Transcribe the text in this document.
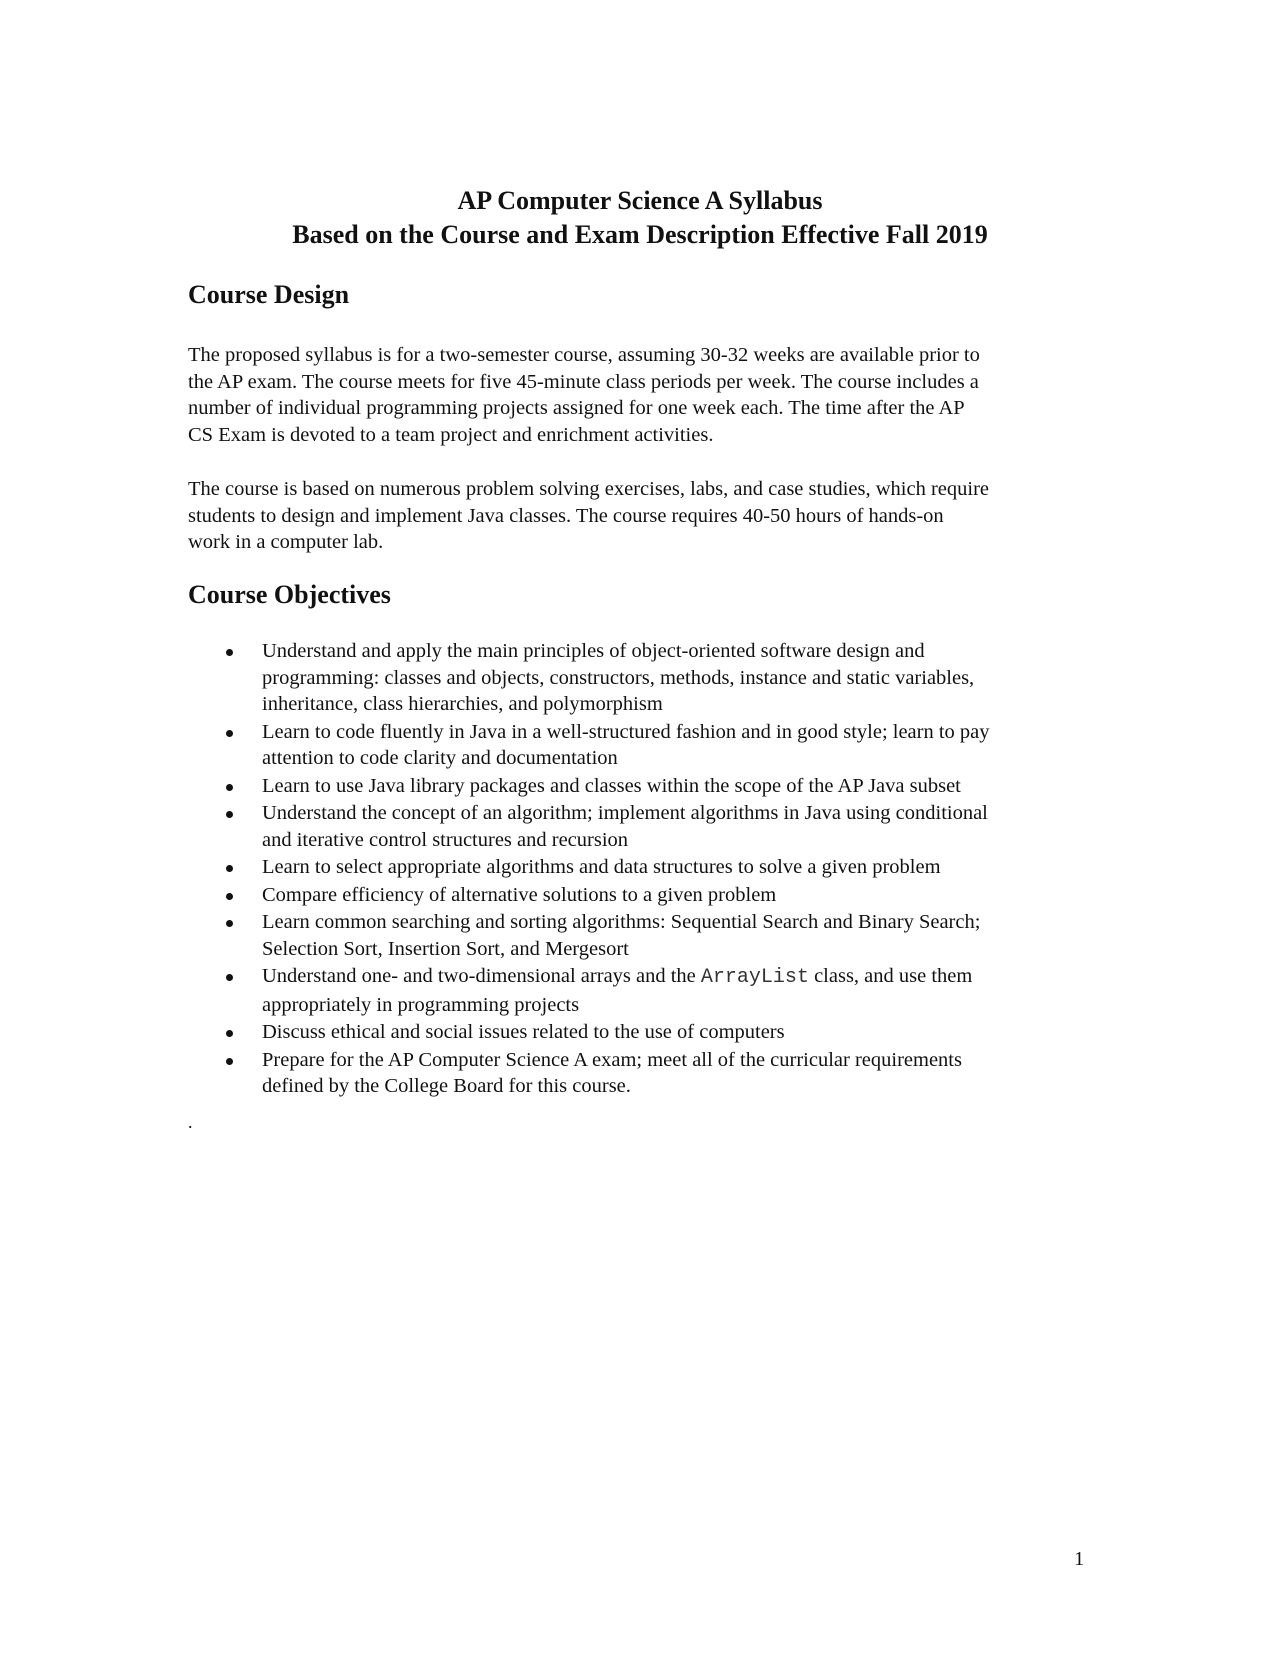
AP Computer Science A Syllabus
Based on the Course and Exam Description Effective Fall 2019
Course Design
The proposed syllabus is for a two-semester course, assuming 30-32 weeks are available prior to
the AP exam. The course meets for five 45-minute class periods per week. The course includes a
number of individual programming projects assigned for one week each. The time after the AP
CS Exam is devoted to a team project and enrichment activities.
The course is based on numerous problem solving exercises, labs, and case studies, which require
students to design and implement Java classes. The course requires 40-50 hours of hands-on
work in a computer lab.
Course Objectives
Understand and apply the main principles of object-oriented software design and
programming: classes and objects, constructors, methods, instance and static variables,
inheritance, class hierarchies, and polymorphism
Learn to code fluently in Java in a well-structured fashion and in good style; learn to pay
attention to code clarity and documentation
Learn to use Java library packages and classes within the scope of the AP Java subset
Understand the concept of an algorithm; implement algorithms in Java using conditional
and iterative control structures and recursion
Learn to select appropriate algorithms and data structures to solve a given problem
Compare efficiency of alternative solutions to a given problem
Learn common searching and sorting algorithms: Sequential Search and Binary Search;
Selection Sort, Insertion Sort, and Mergesort
Understand one- and two-dimensional arrays and the ArrayList class, and use them
appropriately in programming projects
Discuss ethical and social issues related to the use of computers
Prepare for the AP Computer Science A exam; meet all of the curricular requirements
defined by the College Board for this course.
.
1
